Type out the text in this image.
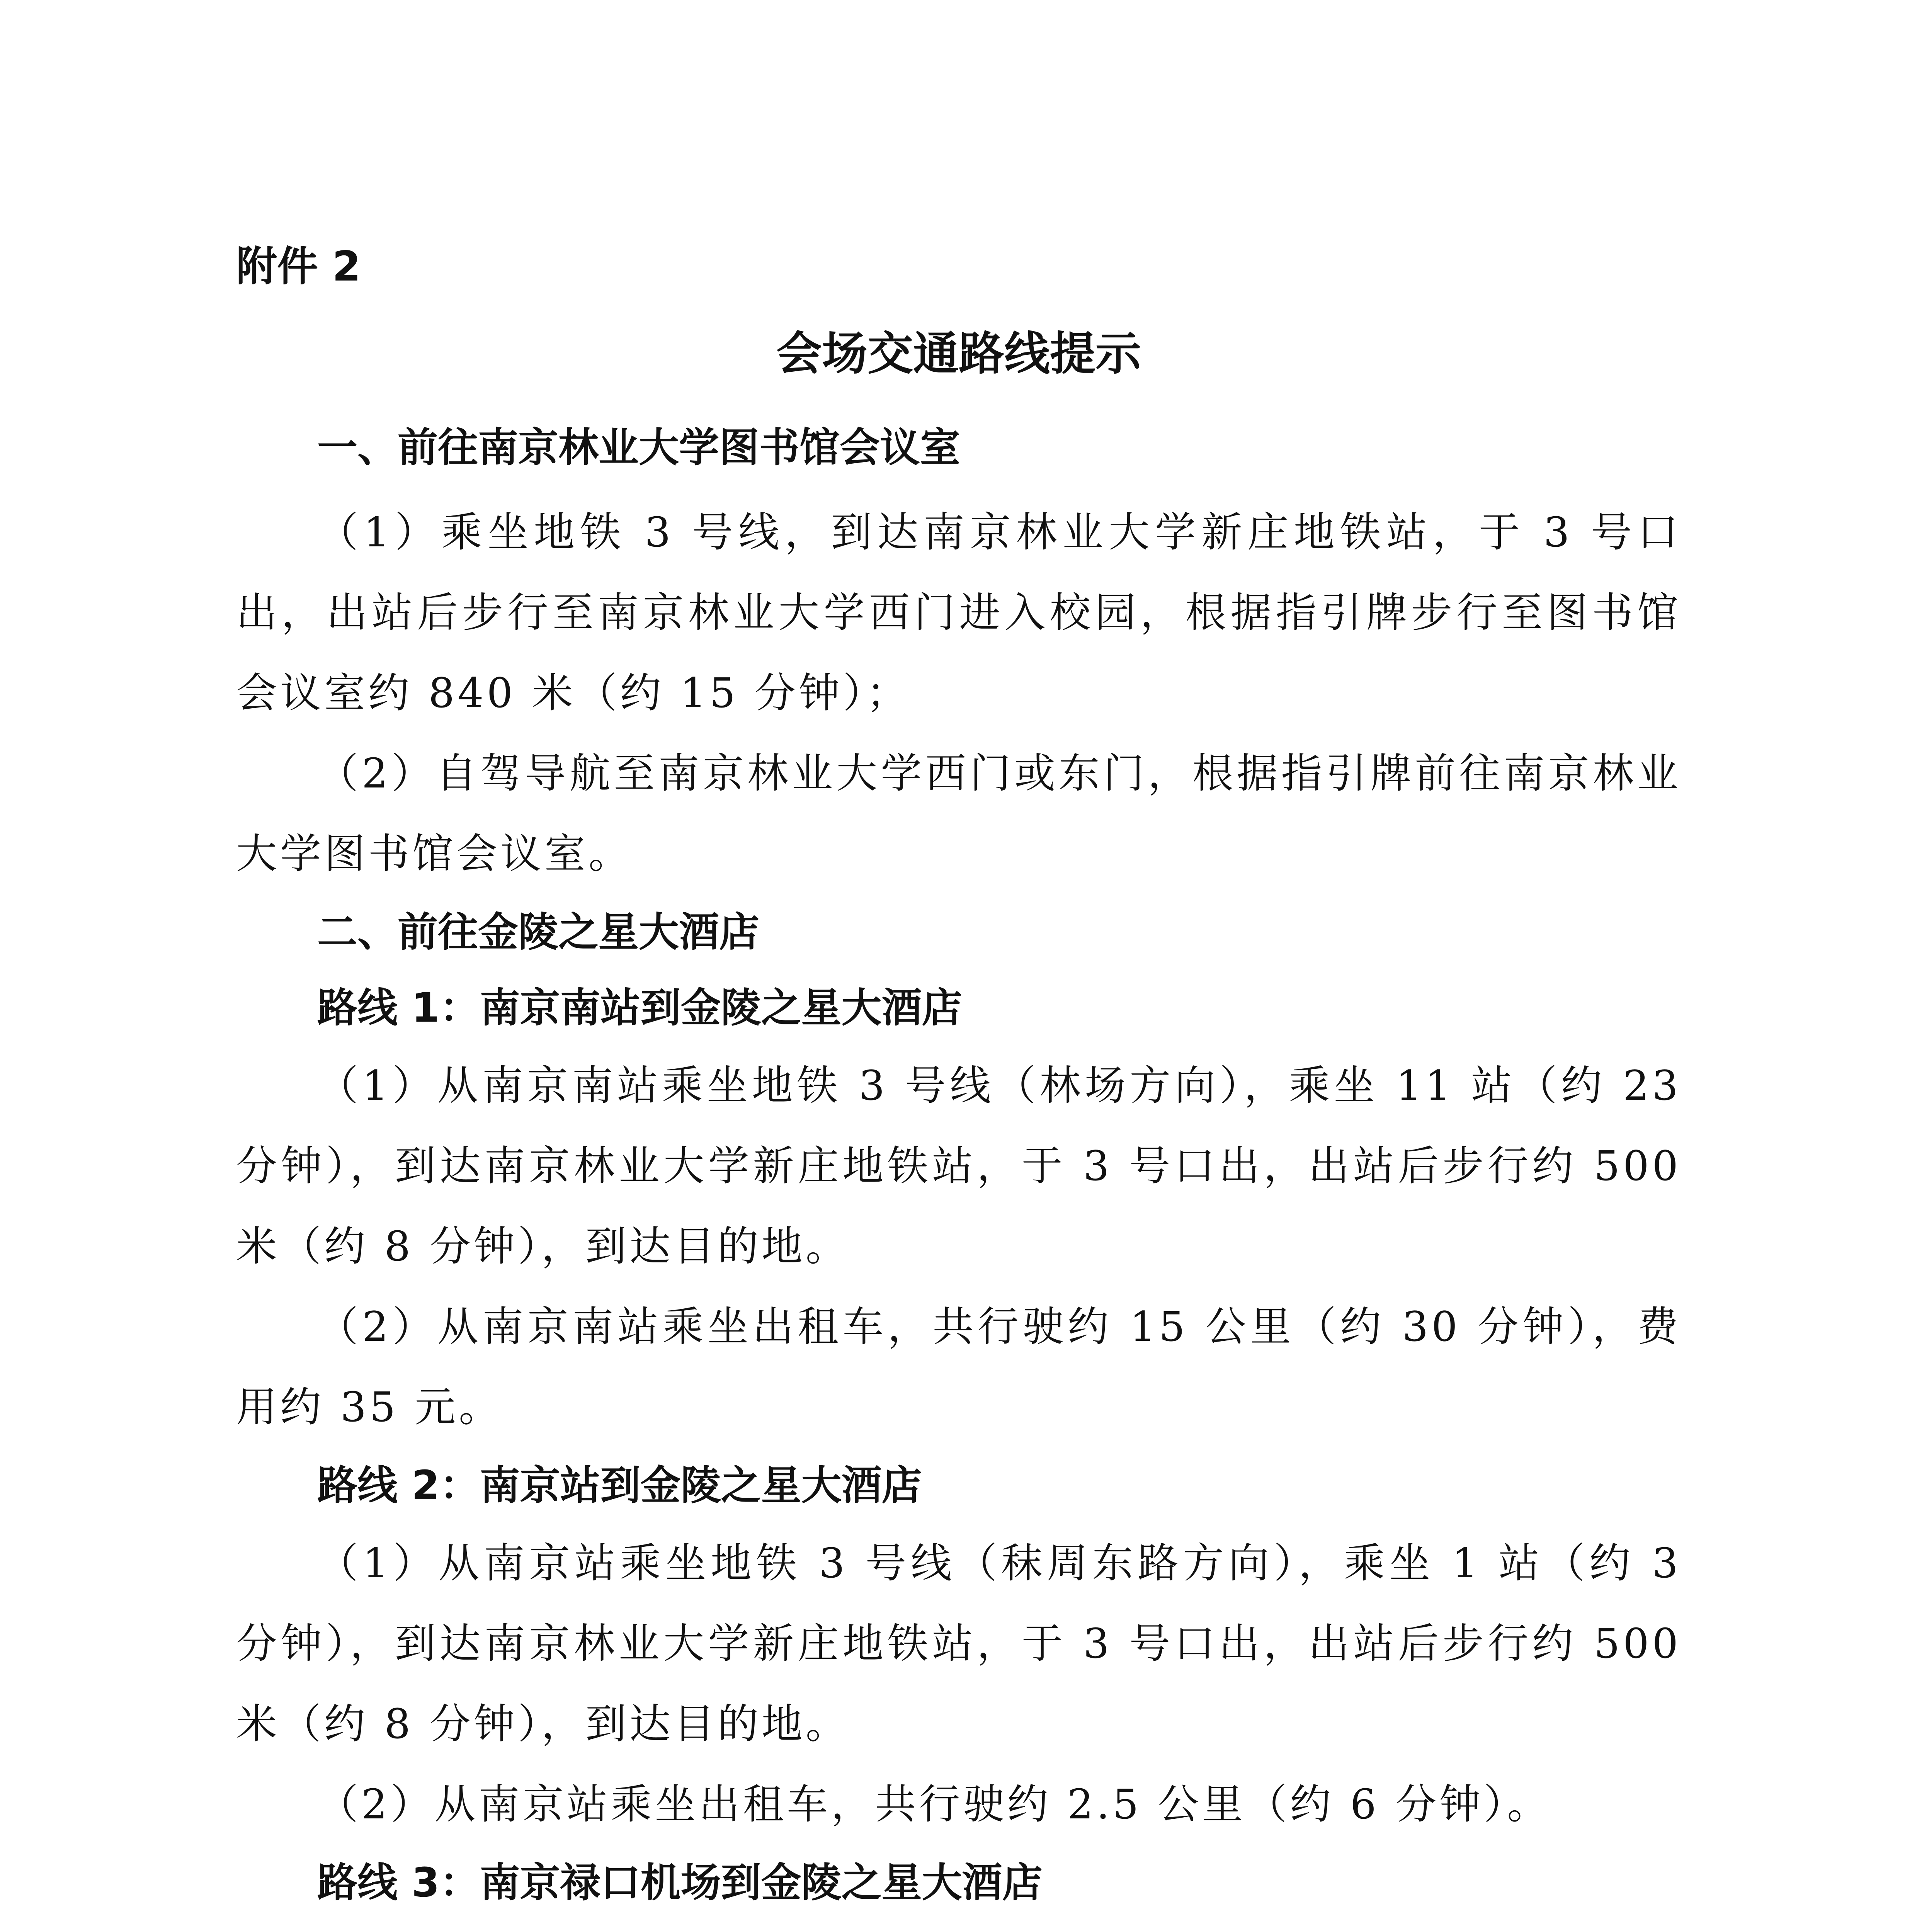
附件 2

会场交通路线提示

一、前往南京林业大学图书馆会议室

（1）乘坐地铁 3 号线，到达南京林业大学新庄地铁站，于 3 号口出，出站后步行至南京林业大学西门进入校园，根据指引牌步行至图书馆会议室约 840 米（约 15 分钟）；

（2）自驾导航至南京林业大学西门或东门，根据指引牌前往南京林业大学图书馆会议室。

二、前往金陵之星大酒店

路线 1：南京南站到金陵之星大酒店

（1）从南京南站乘坐地铁 3 号线（林场方向），乘坐 11 站（约 23 分钟），到达南京林业大学新庄地铁站，于 3 号口出，出站后步行约 500 米（约 8 分钟），到达目的地。

（2）从南京南站乘坐出租车，共行驶约 15 公里（约 30 分钟），费用约 35 元。

路线 2：南京站到金陵之星大酒店

（1）从南京站乘坐地铁 3 号线（秣周东路方向），乘坐 1 站（约 3 分钟），到达南京林业大学新庄地铁站，于 3 号口出，出站后步行约 500 米（约 8 分钟），到达目的地。

（2）从南京站乘坐出租车，共行驶约 2.5 公里（约 6 分钟）。

路线 3：南京禄口机场到金陵之星大酒店
